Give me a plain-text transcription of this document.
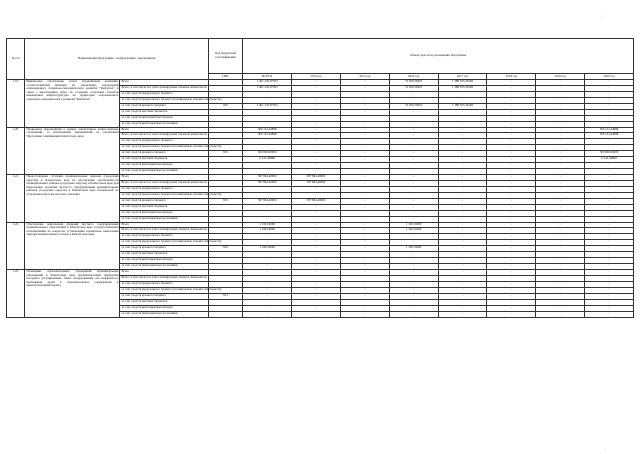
·
·
№ п/п	Наименование Программы / подпрограммы / мероприятия		Код бюджетной классификации	Объем средств на реализацию Программы							
			ГРБС	ВСЕГО	2014 год	2015 год	2016 год	2017 год	2018 год	2019 год	2020 год
1.19.	Финансовое обеспечение затрат управляющей компании, осуществляющей функции по управлению территорией опережающего социально-экономического развития "Камчатка", в связи с выполнением работ по созданию отдельных объектов инженерной инфраструктуры на территории опережающего социально-экономического развития "Камчатка"	Всего		1 461 245,97563	-	-	72 650,58455	1 388 595,39108	-	-	-
		Всего, в том числе без учета планируемых объемов обязательств		1 461 245,97563	-	-	72 650,58455	1 388 595,39108	-	-	-
		за счет средств федерального бюджета		-	-	-	-	-	-	-	-
		за счет средств федерального бюджета (планируемые объемы обязательств)		-	-	-	-	-	-	-	-
		за счет средств краевого бюджета	810	1 461 245,97563	-	-	72 650,58455	1 388 595,39108	-	-	-
		за счет средств местных бюджетов		-	-	-	-	-	-	-	-
		за счет средств внебюджетных фондов		-	-	-	-	-	-	-	-
		за счет средств внебюджетных источников		-	-	-	-	-	-	-	-
1.20.	Проведение мероприятий в рамках заключенных концессионных соглашений, за исключением мероприятий по реализации Программы газификации Камчатского края	Всего		306 122,44898	-	-	-	-	-	-	306 122,44898
		Всего, в том числе без учета планируемых объемов обязательств		306 122,44898	-	-	-	-	-	-	306 122,44898
		за счет средств федерального бюджета		-	-	-	-	-	-	-	-
		за счет средств федерального бюджета (планируемые объемы обязательств)		-	-	-	-	-	-	-	-
		за счет средств краевого бюджета	810	300 000,00000	-	-	-	-	-	-	300 000,00000
		за счет средств местных бюджетов		6 122,44898	-	-	-	-	-	-	6 122,44898
		за счет средств внебюджетных фондов		-	-	-	-	-	-	-	-
		за счет средств внебюджетных источников		-	-	-	-	-	-	-	-
1.21.	Предоставление субсидий муниципальным районам (городским округам) в Камчатском крае на обеспечение обеспеченности муниципальных районов (городских округов) в Камчатском крае при выполнении органами местного самоуправления муниципальных районов (городских округов) в Камчатском крае полномочий по отдельным вопросам местного значения	Всего		587 864,40000	587 864,40000	-	-	-	-	-	-
		Всего, в том числе без учета планируемых объемов обязательств		587 864,40000	587 864,40000	-	-	-	-	-	-
		за счет средств федерального бюджета		-	-	-	-	-	-	-	-
		за счет средств федерального бюджета (планируемые объемы обязательств)		-	-	-	-	-	-	-	-
		за счет средств краевого бюджета	810	587 864,40000	587 864,40000	-	-	-	-	-	-
		за счет средств местных бюджетов		-	-	-	-	-	-	-	-
		за счет средств внебюджетных фондов		-	-	-	-	-	-	-	-
		за счет средств внебюджетных источников		-	-	-	-	-	-	-	-
1.22.	Обеспечение выполнения функций местного самоуправления муниципальных образований в Камчатском крае государственными полномочиями по вопросам установления нормативов накопления твердых коммунальных отходов в Камчатском крае	Всего		1 190,19000	-	-	1 190,19000	-	-	-	-
		Всего, в том числе без учета планируемых объемов обязательств		1 190,19000	-	-	1 190,19000	-	-	-	-
		за счет средств федерального бюджета		-	-	-	-	-	-	-	-
		за счет средств федерального бюджета (планируемые объемы обязательств)		-	-	-	-	-	-	-	-
		за счет средств краевого бюджета	810	1 190,19000	-	-	1 190,19000	-	-	-	-
		за счет средств местных бюджетов		-	-	-	-	-	-	-	-
		за счет средств внебюджетных фондов		-	-	-	-	-	-	-	-
		за счет средств внебюджетных источников		-	-	-	-	-	-	-	-
1.23.	Оснащение образовательных учреждений муниципальных образований в Камчатском крае автоматическими приборами погодного регулирования, также оборудованием для комфортного пребывания детей в образовательных учреждениях в межотопительный период	Всего		-	-	-	-	-	-	-	-
		Всего, в том числе без учета планируемых объемов обязательств		-	-	-	-	-	-	-	-
		за счет средств федерального бюджета		-	-	-	-	-	-	-	-
		за счет средств федерального бюджета (планируемые объемы обязательств)		-	-	-	-	-	-	-	-
		за счет средств краевого бюджета	813	-	-	-	-	-	-	-	-
		за счет средств местных бюджетов		-	-	-	-	-	-	-	-
		за счет средств внебюджетных фондов		-	-	-	-	-	-	-	-
		за счет средств внебюджетных источников		-	-	-	-	-	-	-	-
